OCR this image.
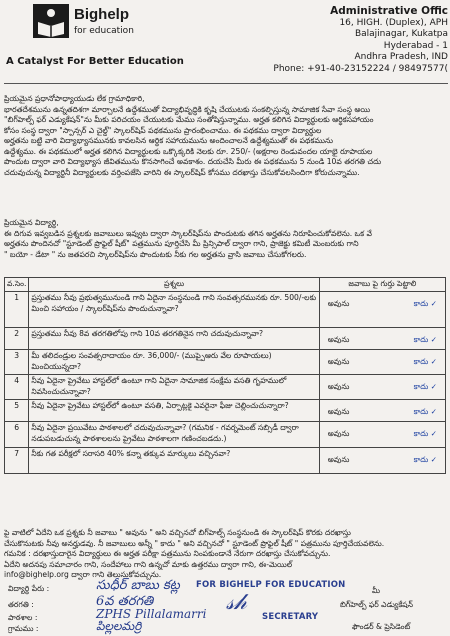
Bighelp
for education
A Catalyst For Better Education
Administrative Offic
16, HIGH. (Duplex), APH
Balajinagar, Kukatpa
Hyderabad - 1
Andhra Pradesh, IND
Phone: +91-40-23152224 / 98497577(
ప్రియమైన ప్రధానోపాధ్యాయుడు లేక గ్రామాధికారి,
భారతదేశమును ఉన్నతదిశగా మార్చాలనే ఉద్దేశముతో విద్యాభివృద్ధికి కృషి చేయుటకు సంకల్పిస్తున్న సామాజిక సేవా సంస్థ అయి
"బిగ్‌హెల్ప్ ఫర్ ఎడ్యుకేషన్"ను మీకు పరిచయం చేయుటకు మేము సంతోషిస్తున్నాము. అర్హత కలిగిన విద్యార్థులకు ఆర్థికసహాయం
కోసం సంస్థ ద్వారా "స్పాన్సర్ ఎ చైల్డ్" స్కాలర్‌షిప్ పథకమును ప్రారంభించాము. ఈ పథకము ద్వారా విద్యార్థుల
అర్హతను బట్టి వారి విద్యాభ్యాసమునకు కావలసిన ఆర్థిక సహాయమును అందించాలనే ఉద్దేశ్యముతో ఈ పథకమును
ఉద్దేశ్యము. ఈ పథకములో అర్హత కలిగిన విద్యార్థులకు ఒక్కొక్కరికి నెలకు రూ. 250/- (అక్షరాల రెండువందల యాభై రూపాయల
పొందుట ద్వారా వారి విద్యాభ్యాస జీవితమును కొనసాగించే అవకాశం. దయచేసి మీరు ఈ పథకమును 5 నుండి 10వ తరగతి చదు
చదువుచున్న విద్యార్థినీ విద్యార్థులకు వర్తింపజేసి వారిని ఈ స్కాలర్‌షిప్ కోసము దరఖాస్తు చేసుకోవలసిందిగా కోరుచున్నాము.
ప్రియమైన విద్యార్థి,
ఈ దిగువ ఇవ్వబడిన ప్రశ్నలకు జవాబులు ఇవ్వుట ద్వారా స్కాలర్‌షిప్‌ను పొందుటకు తగిన అర్హతను నిరూపించుకోవలెను. ఒక వే
అర్హతను పొందినచో "స్టూడెంట్ ప్రొఫైల్ షీట్" పత్రమును పూర్తిచేసి మీ ప్రిన్సిపాల్ ద్వారా గాని, ప్రాజెక్టు కమిటీ మెంబరుకు గాని
" బయో - డేటా " ను జతపరచి స్కాలర్‌షిప్‌ను పొందుటకు నీకు గల అర్హతను వ్రాసి జవాబు చేసుకోగలరు.
వ.సెం.	ప్రశ్నలు	జవాబు పై గుర్తు పెట్టాలి
1	ప్రస్తుతము నీవు ప్రభుత్వమునుండి గాని ఏదైనా సంస్థనుండి గాని సంవత్సరమునకు రూ. 500/-లకు మించి సహాయం / స్కాలర్‌షిప్‌ను పొందుచున్నావా?	అవును కాదు ✓

2	ప్రస్తుతము నీవు 8వ తరగతిలోపు గాని 10వ తరగతినైన గాని చదువుచున్నావా?	అవును కాదు ✓

3	మీ తలిదండ్రుల సంవత్సరాదాయం రూ. 36,000/- (ముప్పైఆరు వేల రూపాయలు) మించియున్నదా?	అవును కాదు ✓

4	నీవు ఏదైనా ప్రైవేటు హాస్టల్‌లో ఉంటూ గాని ఏదైనా సామాజిక సంక్షేమ వసతి గృహములో నివసించుచున్నావా?	అవును కాదు ✓

5	నీవు ఏదైనా ప్రైవేటు హాస్టల్‌లో ఉంటూ వసతి, ఏర్పాట్లకై ఎవరైనా ఫీజు చెల్లించుచున్నారా?	అవును కాదు ✓

6	నీవు ఏదైనా ప్రయివేటు పాఠశాలలో చదువుచున్నావా? (గమనిక - గవర్నమెంట్ సబ్సిడీ ద్వారా నడుపబడుచున్న పాఠశాలలను ప్రైవేటు పాఠశాలగా గణించబడదు.)	అవును కాదు ✓

7	నీకు గత పరీక్షలో సరాసరి 40% కన్నా తక్కువ మార్కులు వచ్చినవా?	అవును కాదు ✓
పై వాటిలో ఏదేని ఒక ప్రశ్నకు నీ జవాబు " అవును " అని వచ్చినచో బిగ్‌హెల్ప్ సంస్థనుండి ఈ స్కాలర్‌షిప్ కొరకు దరఖాస్తు
చేసుకొనుటకు నీవు అనర్హుడవు. నీ జవాబులు అన్నీ " కాదు " అని వచ్చినచో " స్టూడెంట్ ప్రొఫైల్ షీట్ " పత్రమును పూర్తిచేయవలెను.
గమనిక : దరఖాస్తుదారైన విద్యార్థులు ఈ అర్హత పరీక్షా పత్రమును నింపకుండానే నేరుగా దరఖాస్తు చేసుకోవచ్చును.
ఏదేని అదనపు సమాచారం గాని, సందేహాలు గాని ఉన్నచో మాకు ఉత్తరము ద్వారా గాని, ఈ-మెయిల్
info@bighelp.org ద్వారా గాని తెలుసుకోవచ్చును.
విద్యార్థి పేరు :	సుధీర్ బాబు కట్ల
తరగతి :	6వ తరగతి
పాఠశాల :	ZPHS Pillalamarri
గ్రామము :	పిల్లలమర్రి
FOR BIGHELP FOR EDUCATION
𝓈𝒽
SECRETARY
మీ
బిగ్‌హెల్ప్ ఫర్ ఎడ్యుకేషన్
ఫౌండర్ & ప్రెసిడెంట్
